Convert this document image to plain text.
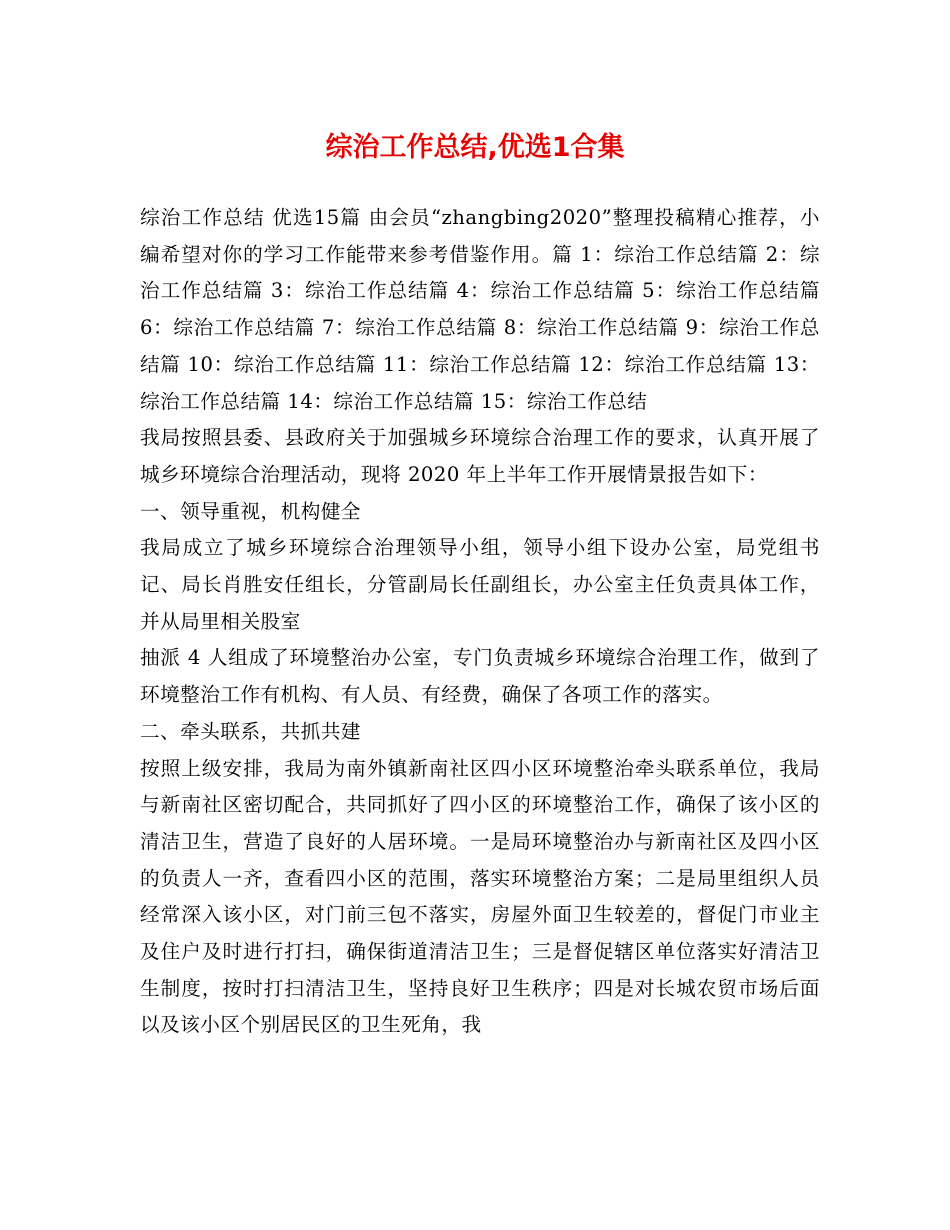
综治工作总结,优选1合集

综治工作总结 优选15篇 由会员“zhangbing2020”整理投稿精心推荐，小编希望对你的学习工作能带来参考借鉴作用。篇 1：综治工作总结篇 2：综治工作总结篇 3：综治工作总结篇 4：综治工作总结篇 5：综治工作总结篇 6：综治工作总结篇 7：综治工作总结篇 8：综治工作总结篇 9：综治工作总结篇 10：综治工作总结篇 11：综治工作总结篇 12：综治工作总结篇 13：综治工作总结篇 14：综治工作总结篇 15：综治工作总结

我局按照县委、县政府关于加强城乡环境综合治理工作的要求，认真开展了城乡环境综合治理活动，现将 2020 年上半年工作开展情景报告如下：

一、领导重视，机构健全

我局成立了城乡环境综合治理领导小组，领导小组下设办公室，局党组书记、局长肖胜安任组长，分管副局长任副组长，办公室主任负责具体工作，并从局里相关股室

抽派 4 人组成了环境整治办公室，专门负责城乡环境综合治理工作，做到了环境整治工作有机构、有人员、有经费，确保了各项工作的落实。

二、牵头联系，共抓共建

按照上级安排，我局为南外镇新南社区四小区环境整治牵头联系单位，我局与新南社区密切配合，共同抓好了四小区的环境整治工作，确保了该小区的清洁卫生，营造了良好的人居环境。一是局环境整治办与新南社区及四小区的负责人一齐，查看四小区的范围，落实环境整治方案；二是局里组织人员经常深入该小区，对门前三包不落实，房屋外面卫生较差的，督促门市业主及住户及时进行打扫，确保街道清洁卫生；三是督促辖区单位落实好清洁卫生制度，按时打扫清洁卫生，坚持良好卫生秩序；四是对长城农贸市场后面以及该小区个别居民区的卫生死角，我
